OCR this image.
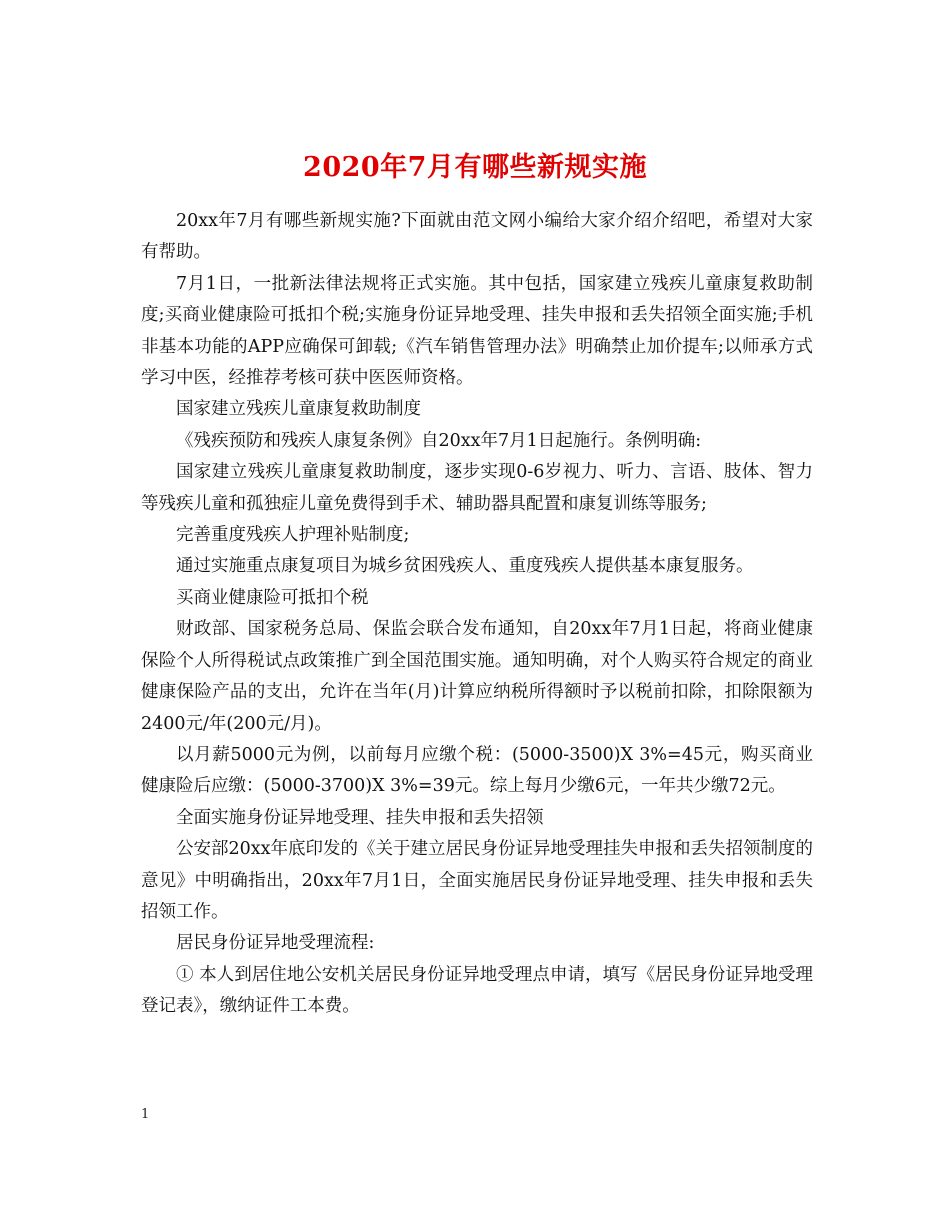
2020年7月有哪些新规实施

20xx年7月有哪些新规实施?下面就由范文网小编给大家介绍介绍吧，希望对大家有帮助。

7月1日，一批新法律法规将正式实施。其中包括，国家建立残疾儿童康复救助制度;买商业健康险可抵扣个税;实施身份证异地受理、挂失申报和丢失招领全面实施;手机非基本功能的APP应确保可卸载;《汽车销售管理办法》明确禁止加价提车;以师承方式学习中医，经推荐考核可获中医医师资格。

国家建立残疾儿童康复救助制度

《残疾预防和残疾人康复条例》自20xx年7月1日起施行。条例明确:

国家建立残疾儿童康复救助制度，逐步实现0-6岁视力、听力、言语、肢体、智力等残疾儿童和孤独症儿童免费得到手术、辅助器具配置和康复训练等服务;

完善重度残疾人护理补贴制度;

通过实施重点康复项目为城乡贫困残疾人、重度残疾人提供基本康复服务。

买商业健康险可抵扣个税

财政部、国家税务总局、保监会联合发布通知，自20xx年7月1日起，将商业健康保险个人所得税试点政策推广到全国范围实施。通知明确，对个人购买符合规定的商业健康保险产品的支出，允许在当年(月)计算应纳税所得额时予以税前扣除，扣除限额为2400元/年(200元/月)。

以月薪5000元为例，以前每月应缴个税：(5000-3500)X 3%=45元，购买商业健康险后应缴：(5000-3700)X 3%=39元。综上每月少缴6元，一年共少缴72元。

全面实施身份证异地受理、挂失申报和丢失招领

公安部20xx年底印发的《关于建立居民身份证异地受理挂失申报和丢失招领制度的意见》中明确指出，20xx年7月1日，全面实施居民身份证异地受理、挂失申报和丢失招领工作。

居民身份证异地受理流程:

① 本人到居住地公安机关居民身份证异地受理点申请，填写《居民身份证异地受理登记表》，缴纳证件工本费。

1
